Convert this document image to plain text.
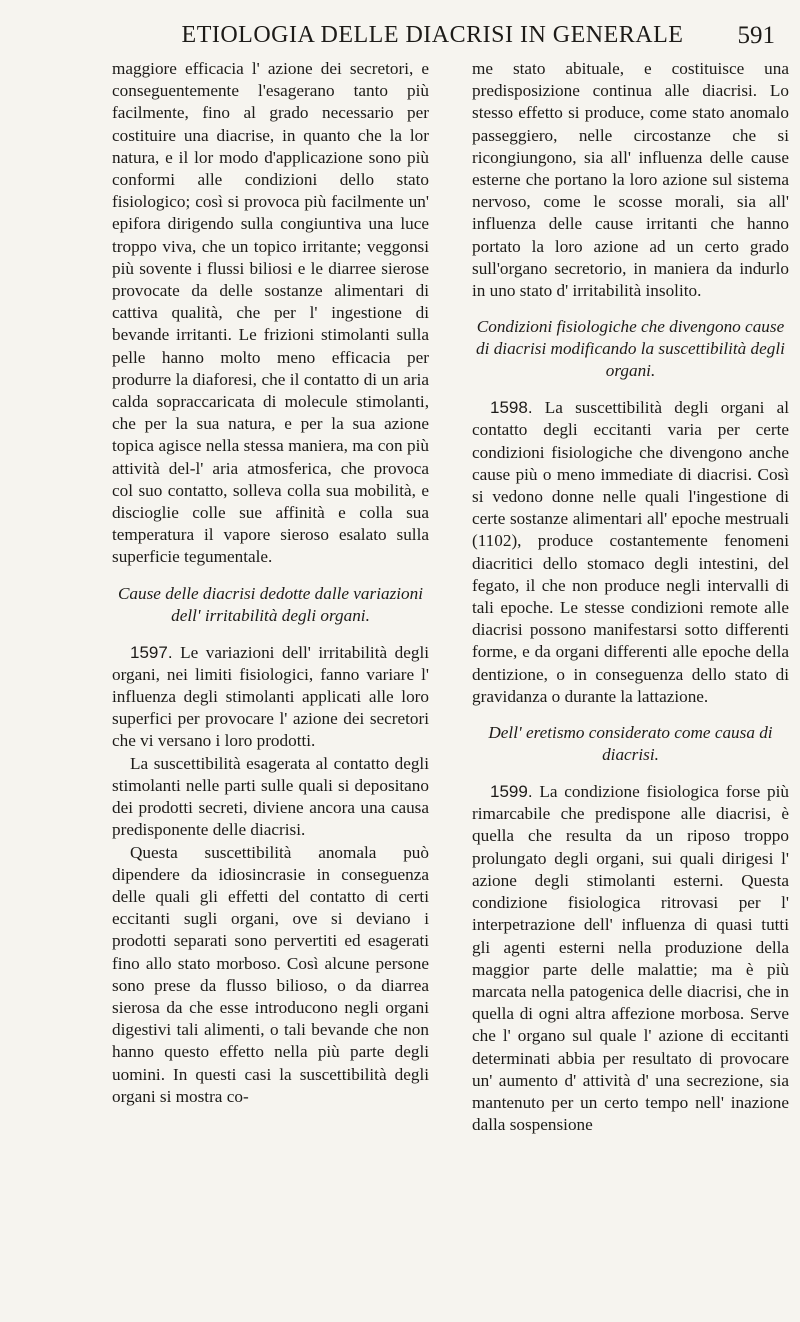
ETIOLOGIA DELLE DIACRISI IN GENERALE	591

maggiore efficacia l' azione dei secretori, e conseguentemente l'esagerano tanto più facilmente, fino al grado necessario per costituire una diacrise, in quanto che la lor natura, e il lor modo d'applicazione sono più conformi alle condizioni dello stato fisiologico; così si provoca più facilmente un' epifora dirigendo sulla congiuntiva una luce troppo viva, che un topico irritante; veggonsi più sovente i flussi biliosi e le diarree sierose provocate da delle sostanze alimentari di cattiva qualità, che per l' ingestione di bevande irritanti. Le frizioni stimolanti sulla pelle hanno molto meno efficacia per produrre la diaforesi, che il contatto di un aria calda sopraccaricata di molecule stimolanti, che per la sua natura, e per la sua azione topica agisce nella stessa maniera, ma con più attività del-l' aria atmosferica, che provoca col suo contatto, solleva colla sua mobilità, e discioglie colle sue affinità e colla sua temperatura il vapore sieroso esalato sulla superficie tegumentale.

Cause delle diacrisi dedotte dalle variazioni dell' irritabilità degli organi.

1597. Le variazioni dell' irritabilità degli organi, nei limiti fisiologici, fanno variare l' influenza degli stimolanti applicati alle loro superfici per provocare l' azione dei secretori che vi versano i loro prodotti.

La suscettibilità esagerata al contatto degli stimolanti nelle parti sulle quali si depositano dei prodotti secreti, diviene ancora una causa predisponente delle diacrisi.

Questa suscettibilità anomala può dipendere da idiosincrasie in conseguenza delle quali gli effetti del contatto di certi eccitanti sugli organi, ove si deviano i prodotti separati sono pervertiti ed esagerati fino allo stato morboso. Così alcune persone sono prese da flusso bilioso, o da diarrea sierosa da che esse introducono negli organi digestivi tali alimenti, o tali bevande che non hanno questo effetto nella più parte degli uomini. In questi casi la suscettibilità degli organi si mostra co-

me stato abituale, e costituisce una predisposizione continua alle diacrisi. Lo stesso effetto si produce, come stato anomalo passeggiero, nelle circostanze che si ricongiungono, sia all' influenza delle cause esterne che portano la loro azione sul sistema nervoso, come le scosse morali, sia all' influenza delle cause irritanti che hanno portato la loro azione ad un certo grado sull'organo secretorio, in maniera da indurlo in uno stato d' irritabilità insolito.

Condizioni fisiologiche che divengono cause di diacrisi modificando la suscettibilità degli organi.

1598. La suscettibilità degli organi al contatto degli eccitanti varia per certe condizioni fisiologiche che divengono anche cause più o meno immediate di diacrisi. Così si vedono donne nelle quali l'ingestione di certe sostanze alimentari all' epoche mestruali (1102), produce costantemente fenomeni diacritici dello stomaco degli intestini, del fegato, il che non produce negli intervalli di tali epoche. Le stesse condizioni remote alle diacrisi possono manifestarsi sotto differenti forme, e da organi differenti alle epoche della dentizione, o in conseguenza dello stato di gravidanza o durante la lattazione.

Dell' eretismo considerato come causa di diacrisi.

1599. La condizione fisiologica forse più rimarcabile che predispone alle diacrisi, è quella che resulta da un riposo troppo prolungato degli organi, sui quali dirigesi l' azione degli stimolanti esterni. Questa condizione fisiologica ritrovasi per l' interpetrazione dell' influenza di quasi tutti gli agenti esterni nella produzione della maggior parte delle malattie; ma è più marcata nella patogenica delle diacrisi, che in quella di ogni altra affezione morbosa. Serve che l' organo sul quale l' azione di eccitanti determinati abbia per resultato di provocare un' aumento d' attività d' una secrezione, sia mantenuto per un certo tempo nell' inazione dalla sospensione
